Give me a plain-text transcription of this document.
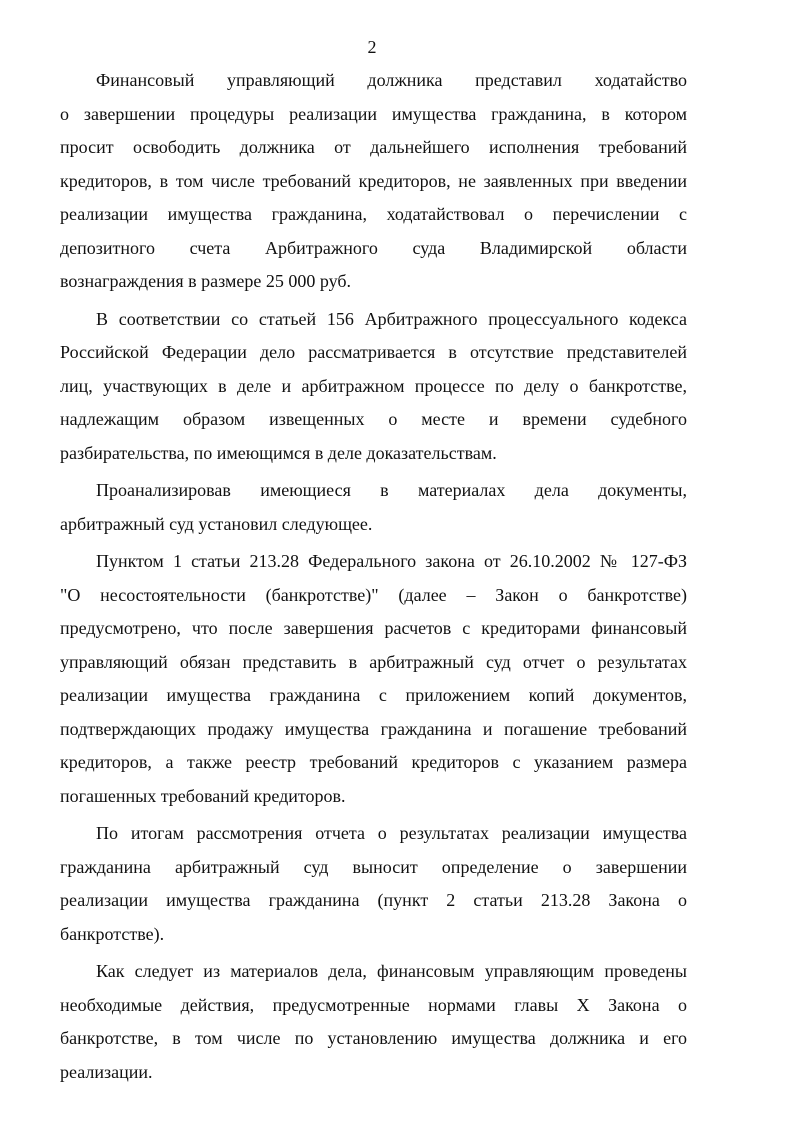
2

Финансовый управляющий должника представил ходатайство
о завершении процедуры реализации имущества гражданина, в котором
просит освободить должника от дальнейшего исполнения требований
кредиторов, в том числе требований кредиторов, не заявленных при введении
реализации имущества гражданина, ходатайствовал о перечислении с
депозитного счета Арбитражного суда Владимирской области
вознаграждения в размере 25 000 руб.

В соответствии со статьей 156 Арбитражного процессуального кодекса
Российской Федерации дело рассматривается в отсутствие представителей
лиц, участвующих в деле и арбитражном процессе по делу о банкротстве,
надлежащим образом извещенных о месте и времени судебного
разбирательства, по имеющимся в деле доказательствам.

Проанализировав имеющиеся в материалах дела документы,
арбитражный суд установил следующее.

Пунктом 1 статьи 213.28 Федерального закона от 26.10.2002 № 127-ФЗ
"О несостоятельности (банкротстве)" (далее – Закон о банкротстве)
предусмотрено, что после завершения расчетов с кредиторами финансовый
управляющий обязан представить в арбитражный суд отчет о результатах
реализации имущества гражданина с приложением копий документов,
подтверждающих продажу имущества гражданина и погашение требований
кредиторов, а также реестр требований кредиторов с указанием размера
погашенных требований кредиторов.

По итогам рассмотрения отчета о результатах реализации имущества
гражданина арбитражный суд выносит определение о завершении
реализации имущества гражданина (пункт 2 статьи 213.28 Закона о
банкротстве).

Как следует из материалов дела, финансовым управляющим проведены
необходимые действия, предусмотренные нормами главы X Закона о
банкротстве, в том числе по установлению имущества должника и его
реализации.
